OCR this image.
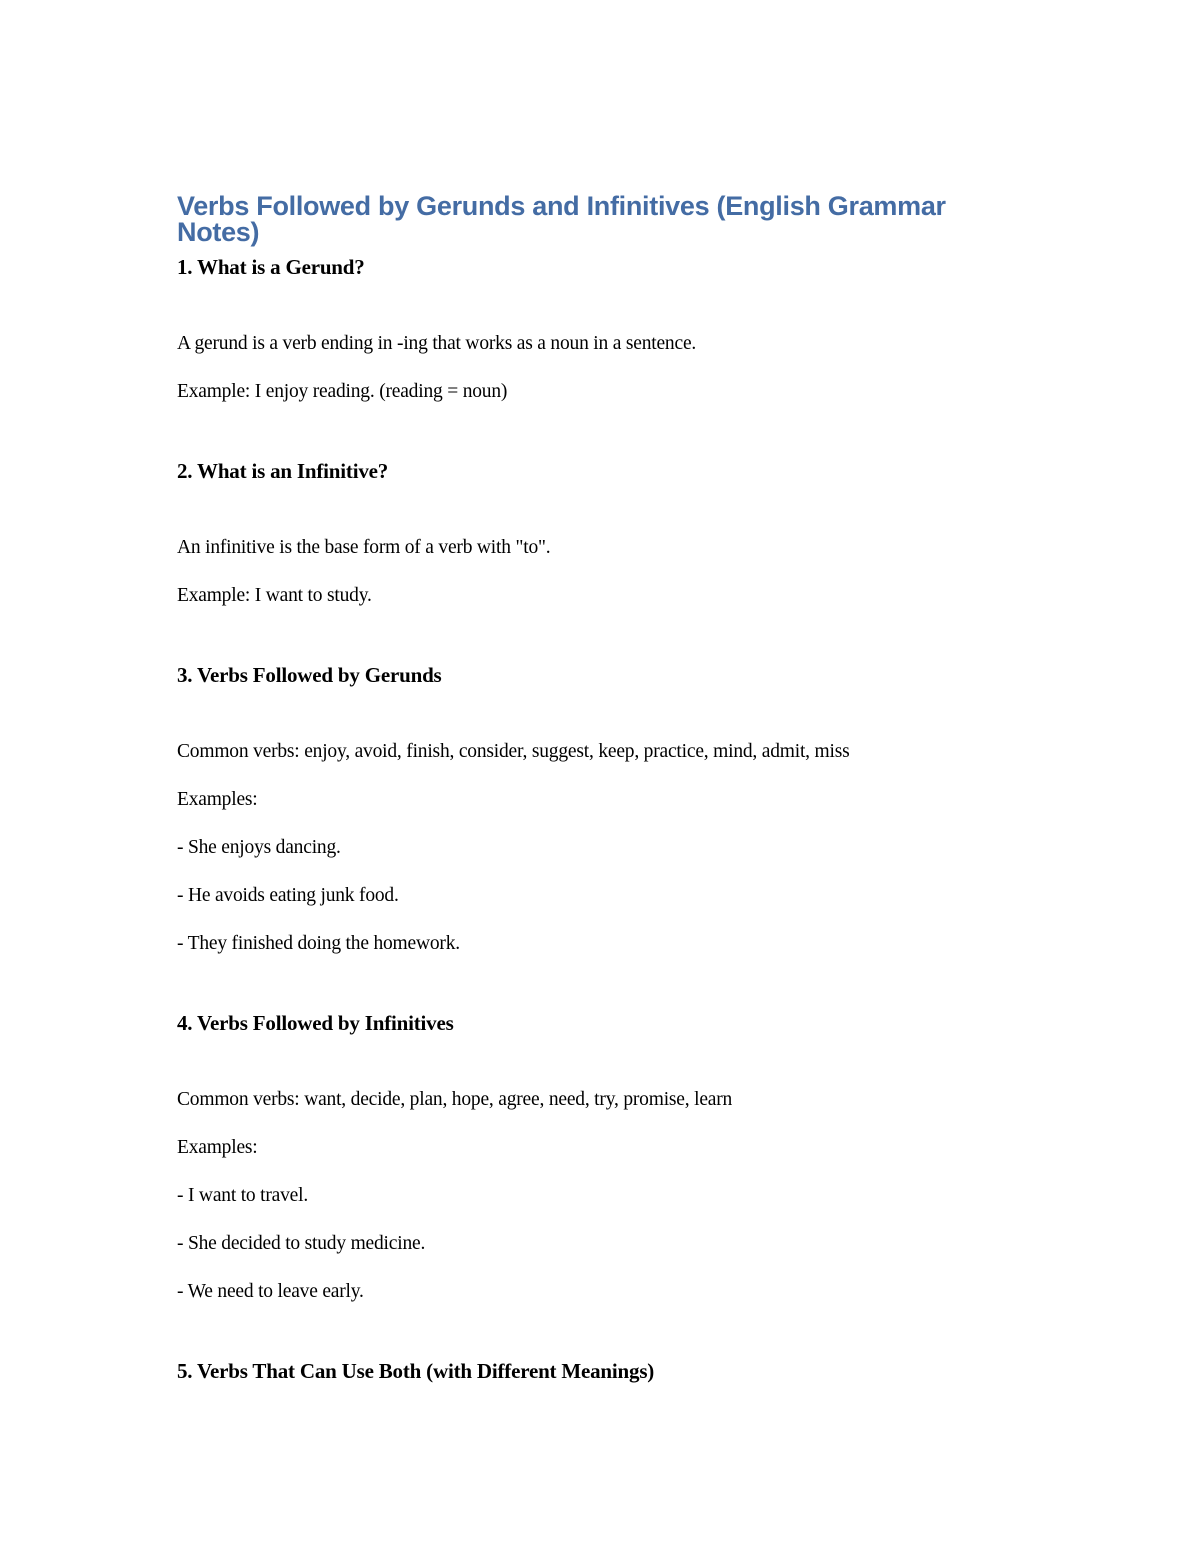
Verbs Followed by Gerunds and Infinitives (English Grammar Notes)
1. What is a Gerund?

A gerund is a verb ending in -ing that works as a noun in a sentence.

Example: I enjoy reading. (reading = noun)

2. What is an Infinitive?

An infinitive is the base form of a verb with "to".

Example: I want to study.

3. Verbs Followed by Gerunds

Common verbs: enjoy, avoid, finish, consider, suggest, keep, practice, mind, admit, miss

Examples:

- She enjoys dancing.

- He avoids eating junk food.

- They finished doing the homework.

4. Verbs Followed by Infinitives

Common verbs: want, decide, plan, hope, agree, need, try, promise, learn

Examples:

- I want to travel.

- She decided to study medicine.

- We need to leave early.

5. Verbs That Can Use Both (with Different Meanings)
